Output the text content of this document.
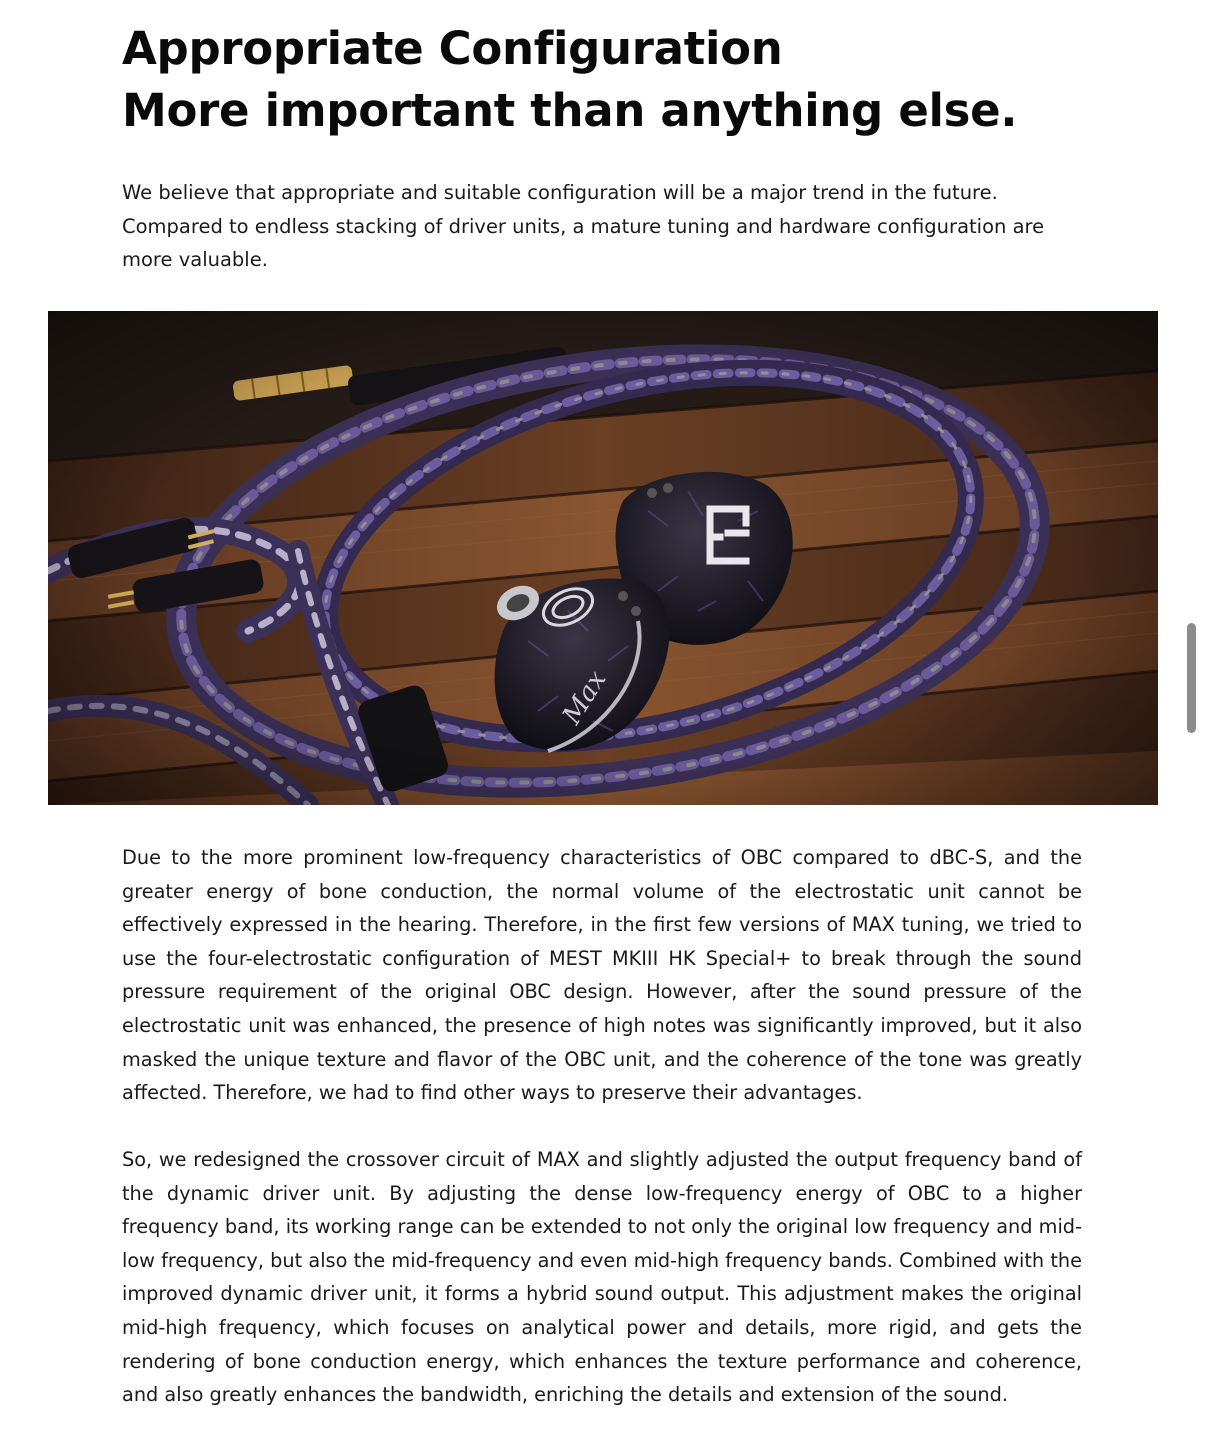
Appropriate Configuration
More important than anything else.

We believe that appropriate and suitable configuration will be a major trend in the future. Compared to endless stacking of driver units, a mature tuning and hardware configuration are more valuable.

Due to the more prominent low-frequency characteristics of OBC compared to dBC-S, and the greater energy of bone conduction, the normal volume of the electrostatic unit cannot be effectively expressed in the hearing. Therefore, in the first few versions of MAX tuning, we tried to use the four-electrostatic configuration of MEST MKIII HK Special+ to break through the sound pressure requirement of the original OBC design. However, after the sound pressure of the electrostatic unit was enhanced, the presence of high notes was significantly improved, but it also masked the unique texture and flavor of the OBC unit, and the coherence of the tone was greatly affected. Therefore, we had to find other ways to preserve their advantages.

So, we redesigned the crossover circuit of MAX and slightly adjusted the output frequency band of the dynamic driver unit. By adjusting the dense low-frequency energy of OBC to a higher frequency band, its working range can be extended to not only the original low frequency and mid-low frequency, but also the mid-frequency and even mid-high frequency bands. Combined with the improved dynamic driver unit, it forms a hybrid sound output. This adjustment makes the original mid-high frequency, which focuses on analytical power and details, more rigid, and gets the rendering of bone conduction energy, which enhances the texture performance and coherence, and also greatly enhances the bandwidth, enriching the details and extension of the sound.
